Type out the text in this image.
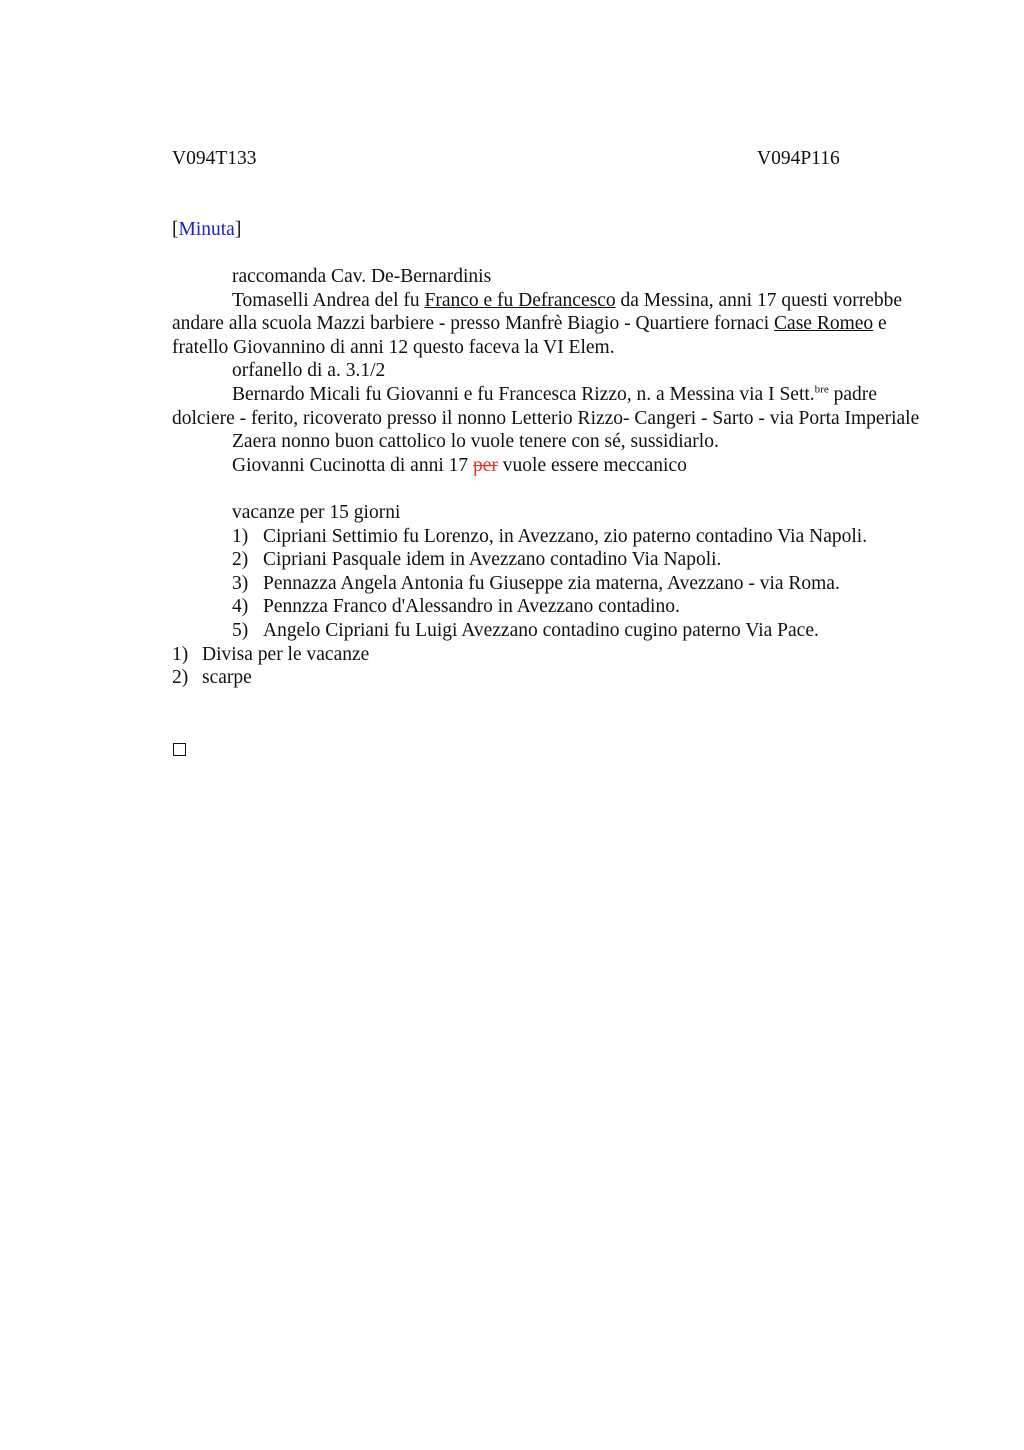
V094T133	V094P116
[Minuta]

raccomanda Cav. De-Bernardinis

Tomaselli Andrea del fu Franco e fu Defrancesco da Messina, anni 17 questi vorrebbe andare alla scuola Mazzi barbiere - presso Manfrè Biagio - Quartiere fornaci Case Romeo e fratello Giovannino di anni 12 questo faceva la VI Elem.

orfanello di a. 3.1/2

Bernardo Micali fu Giovanni e fu Francesca Rizzo, n. a Messina via I Sett.$^{bre}$ padre dolciere - ferito, ricoverato presso il nonno Letterio Rizzo- Cangeri - Sarto - via Porta Imperiale

Zaera nonno buon cattolico lo vuole tenere con sé, sussidiarlo.

Giovanni Cucinotta di anni 17 per vuole essere meccanico

vacanze per 15 giorni

1) Cipriani Settimio fu Lorenzo, in Avezzano, zio paterno contadino Via Napoli.
2) Cipriani Pasquale idem in Avezzano contadino Via Napoli.
3) Pennazza Angela Antonia fu Giuseppe zia materna, Avezzano - via Roma.
4) Pennzza Franco d'Alessandro in Avezzano contadino.
5) Angelo Cipriani fu Luigi Avezzano contadino cugino paterno Via Pace.
1) Divisa per le vacanze
2) scarpe
